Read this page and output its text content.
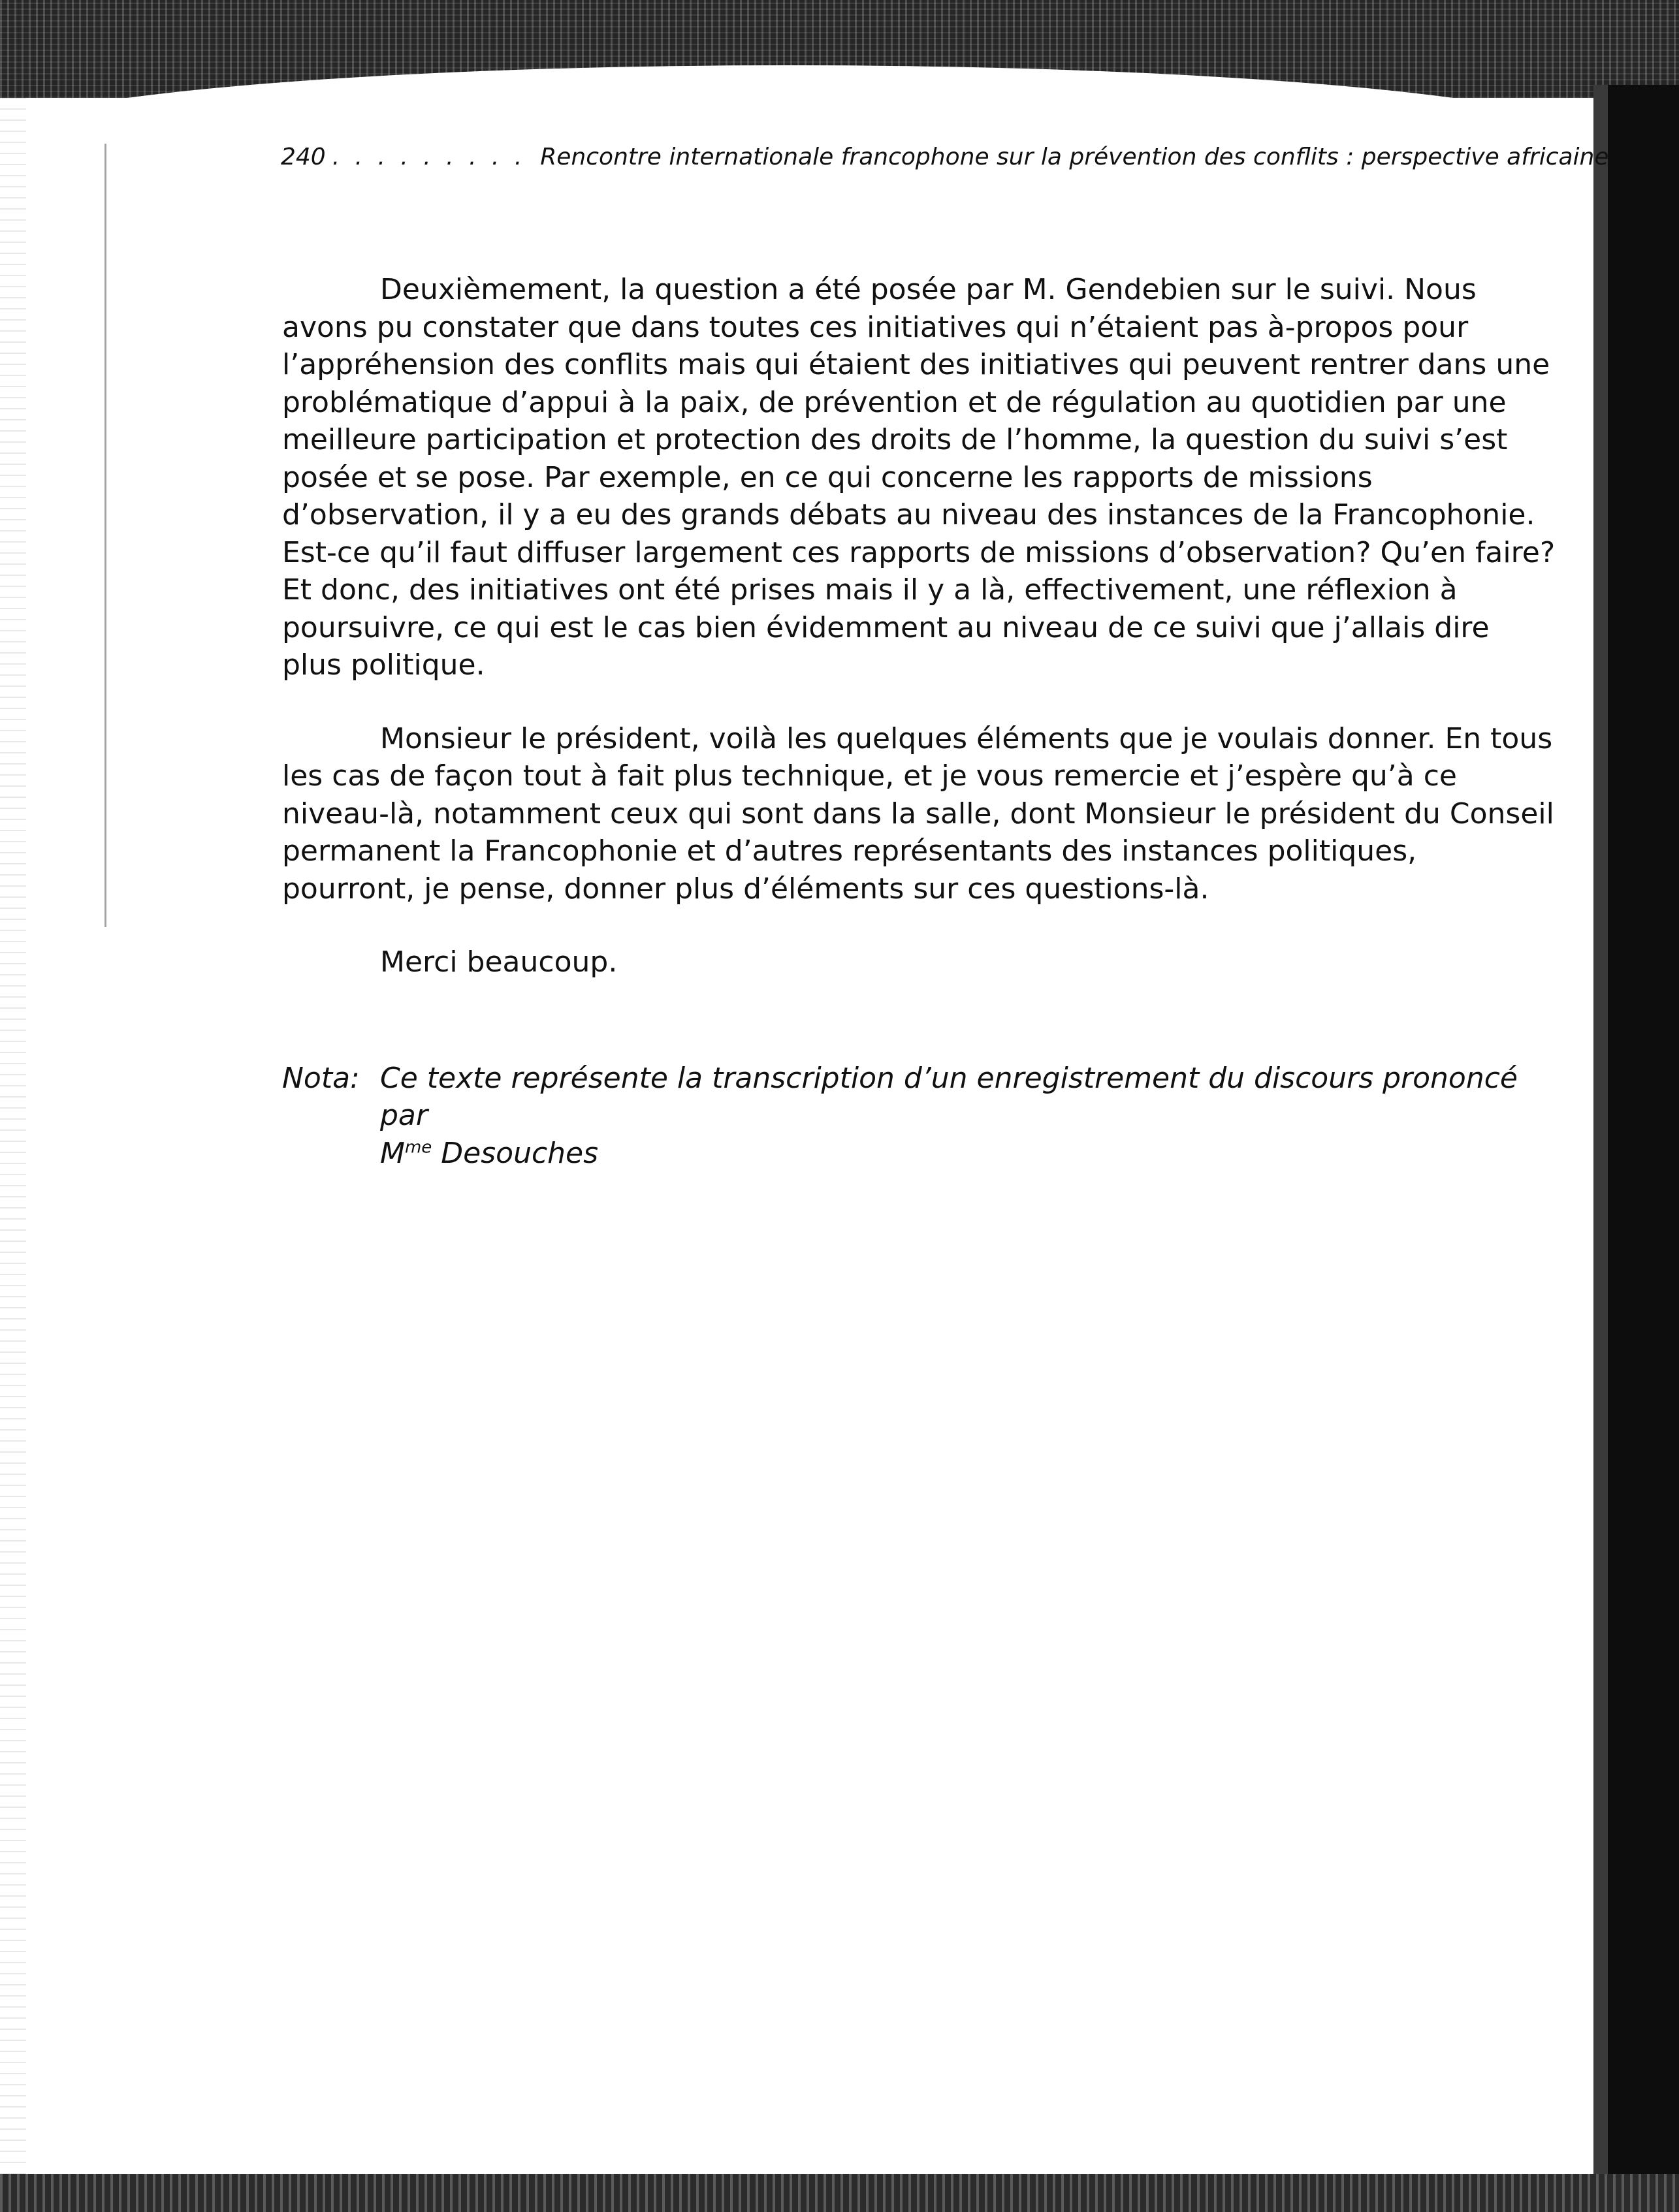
240 . . . . . . . . . Rencontre internationale francophone sur la prévention des conflits : perspective africaine

Deuxièmement, la question a été posée par M. Gendebien sur le suivi. Nous avons pu constater que dans toutes ces initiatives qui n’étaient pas à-propos pour l’appréhension des conflits mais qui étaient des initiatives qui peuvent rentrer dans une problématique d’appui à la paix, de prévention et de régulation au quotidien par une meilleure participation et protection des droits de l’homme, la question du suivi s’est posée et se pose. Par exemple, en ce qui concerne les rapports de missions d’observation, il y a eu des grands débats au niveau des instances de la Francophonie. Est-ce qu’il faut diffuser largement ces rapports de missions d’observation? Qu’en faire? Et donc, des initiatives ont été prises mais il y a là, effectivement, une réflexion à poursuivre, ce qui est le cas bien évidemment au niveau de ce suivi que j’allais dire plus politique.

Monsieur le président, voilà les quelques éléments que je voulais donner. En tous les cas de façon tout à fait plus technique, et je vous remercie et j’espère qu’à ce niveau-là, notamment ceux qui sont dans la salle, dont Monsieur le président du Conseil permanent la Francophonie et d’autres représentants des instances politiques, pourront, je pense, donner plus d’éléments sur ces questions-là.

Merci beaucoup.

Nota: Ce texte représente la transcription d’un enregistrement du discours prononcé par
$M^{me}$ Desouches
